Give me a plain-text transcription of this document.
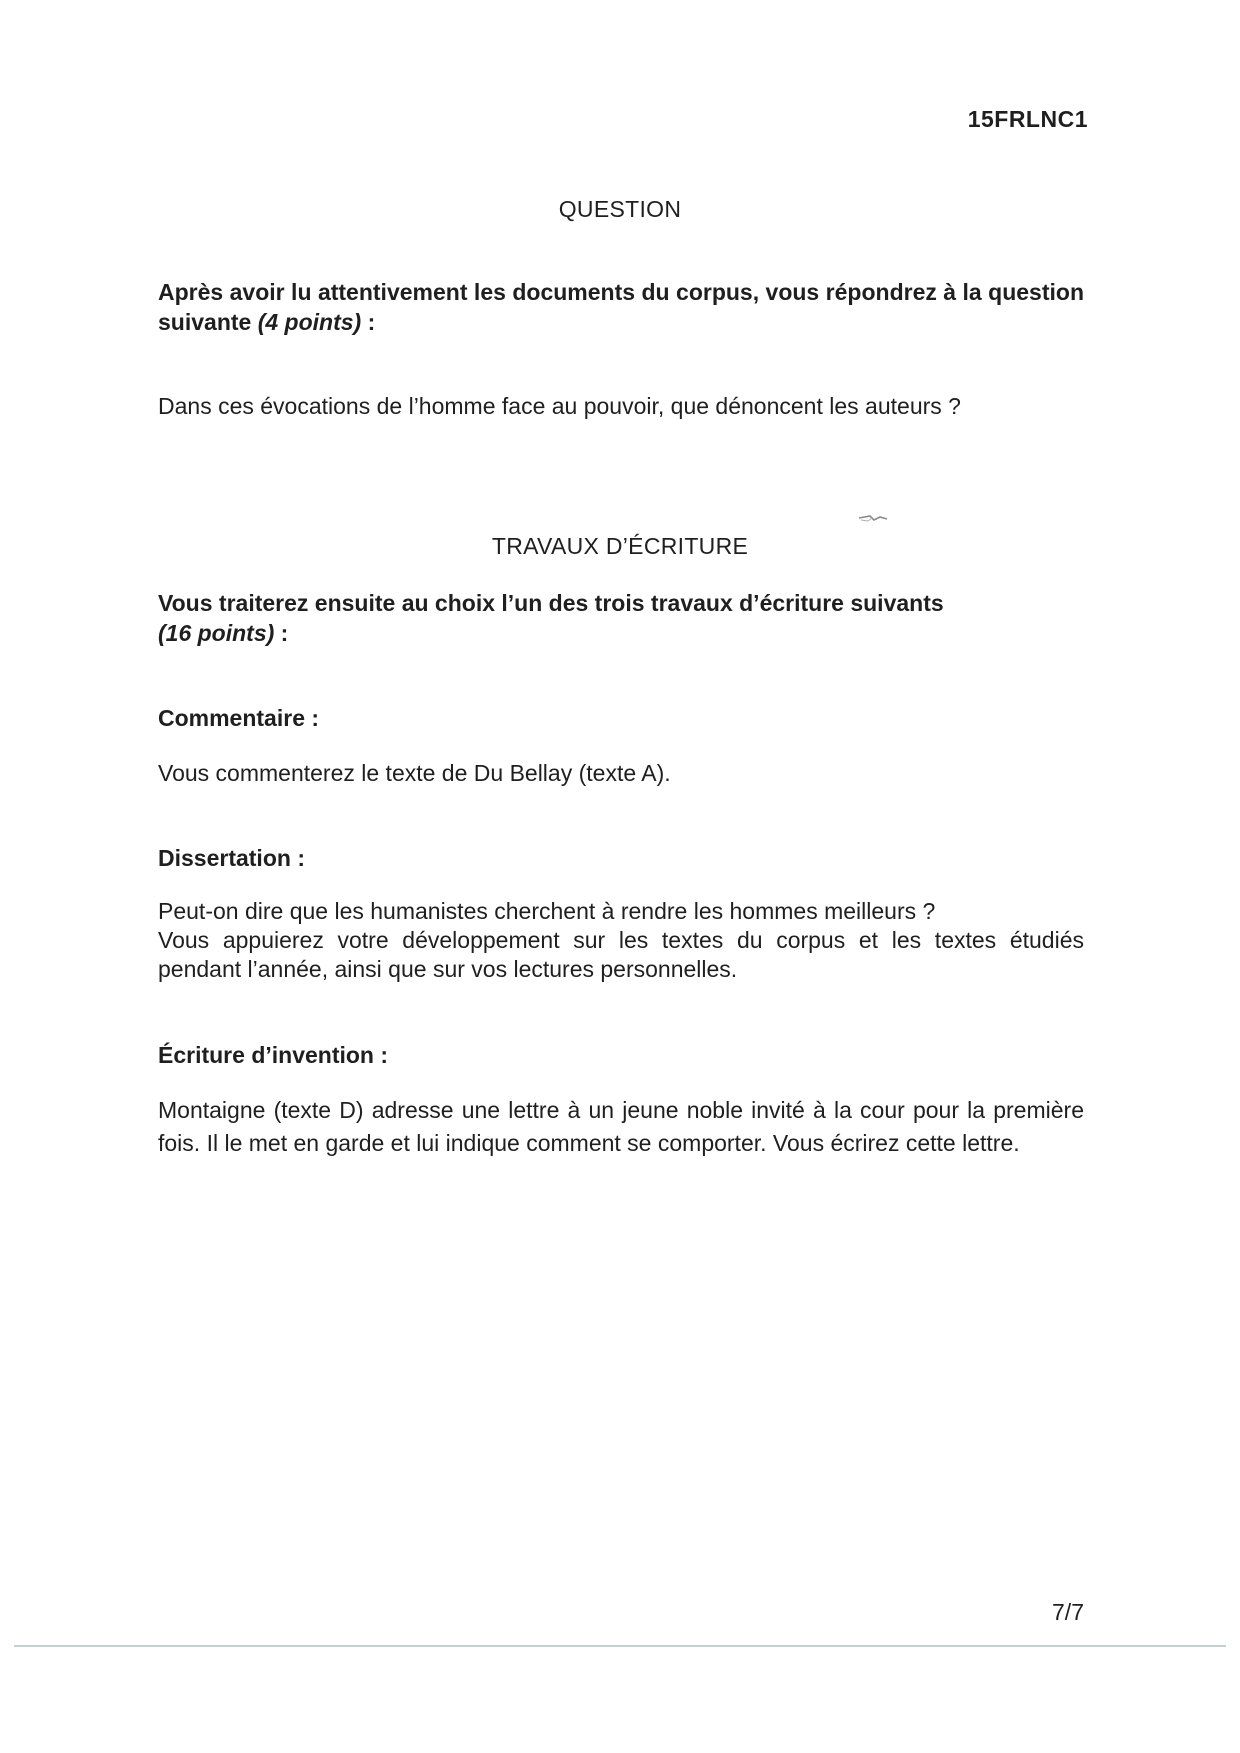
15FRLNC1
QUESTION
Après avoir lu attentivement les documents du corpus, vous répondrez à la question suivante (4 points) :
Dans ces évocations de l’homme face au pouvoir, que dénoncent les auteurs ?
TRAVAUX D’ÉCRITURE
Vous traiterez ensuite au choix l’un des trois travaux d’écriture suivants
(16 points) :
Commentaire :
Vous commenterez le texte de Du Bellay (texte A).
Dissertation :
Peut-on dire que les humanistes cherchent à rendre les hommes meilleurs ?
Vous appuierez votre développement sur les textes du corpus et les textes étudiés pendant l’année, ainsi que sur vos lectures personnelles.
Écriture d’invention :
Montaigne (texte D) adresse une lettre à un jeune noble invité à la cour pour la première fois. Il le met en garde et lui indique comment se comporter. Vous écrirez cette lettre.
7/7
